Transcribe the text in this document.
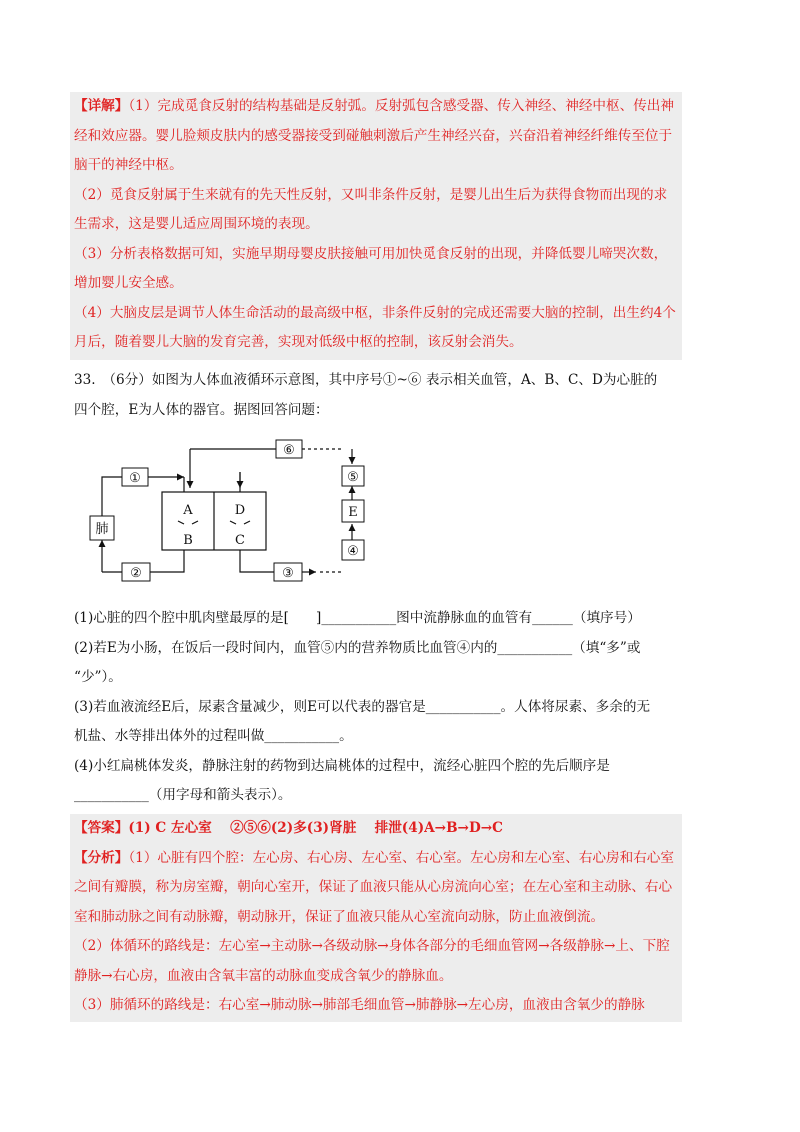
【详解】（1）完成觅食反射的结构基础是反射弧。反射弧包含感受器、传入神经、神经中枢、传出神经和效应器。婴儿脸颊皮肤内的感受器接受到碰触刺激后产生神经兴奋，兴奋沿着神经纤维传至位于脑干的神经中枢。
（2）觅食反射属于生来就有的先天性反射，又叫非条件反射，是婴儿出生后为获得食物而出现的求生需求，这是婴儿适应周围环境的表现。
（3）分析表格数据可知，实施早期母婴皮肤接触可用加快觅食反射的出现，并降低婴儿啼哭次数，增加婴儿安全感。
（4）大脑皮层是调节人体生命活动的最高级中枢，非条件反射的完成还需要大脑的控制，出生约4个月后，随着婴儿大脑的发育完善，实现对低级中枢的控制，该反射会消失。
33.　（6分）如图为人体血液循环示意图，其中序号①~⑥ 表示相关血管，A、B、C、D为心脏的
四个腔，E为人体的器官。据图回答问题：
①
⑥
肺
A	D
B	C
②	③
④
E
⑤
(1)心脏的四个腔中肌肉壁最厚的是[　　]___________图中流静脉血的血管有______（填序号）
(2)若E为小肠，在饭后一段时间内，血管⑤内的营养物质比血管④内的___________（填“多”或
“少”）。
(3)若血液流经E后，尿素含量减少，则E可以代表的器官是___________。人体将尿素、多余的无
机盐、水等排出体外的过程叫做___________。
(4)小红扁桃体发炎，静脉注射的药物到达扁桃体的过程中，流经心脏四个腔的先后顺序是
___________（用字母和箭头表示）。
【答案】(1) C 左心室　 ②⑤⑥(2)多(3)肾脏　 排泄(4)A→B→D→C
【分析】（1）心脏有四个腔：左心房、右心房、左心室、右心室。左心房和左心室、右心房和右心室之间有瓣膜，称为房室瓣，朝向心室开，保证了血液只能从心房流向心室；在左心室和主动脉、右心室和肺动脉之间有动脉瓣，朝动脉开，保证了血液只能从心室流向动脉，防止血液倒流。
（2）体循环的路线是：左心室→主动脉→各级动脉→身体各部分的毛细血管网→各级静脉→上、下腔静脉→右心房，血液由含氧丰富的动脉血变成含氧少的静脉血。
（3）肺循环的路线是：右心室→肺动脉→肺部毛细血管→肺静脉→左心房，血液由含氧少的静脉
